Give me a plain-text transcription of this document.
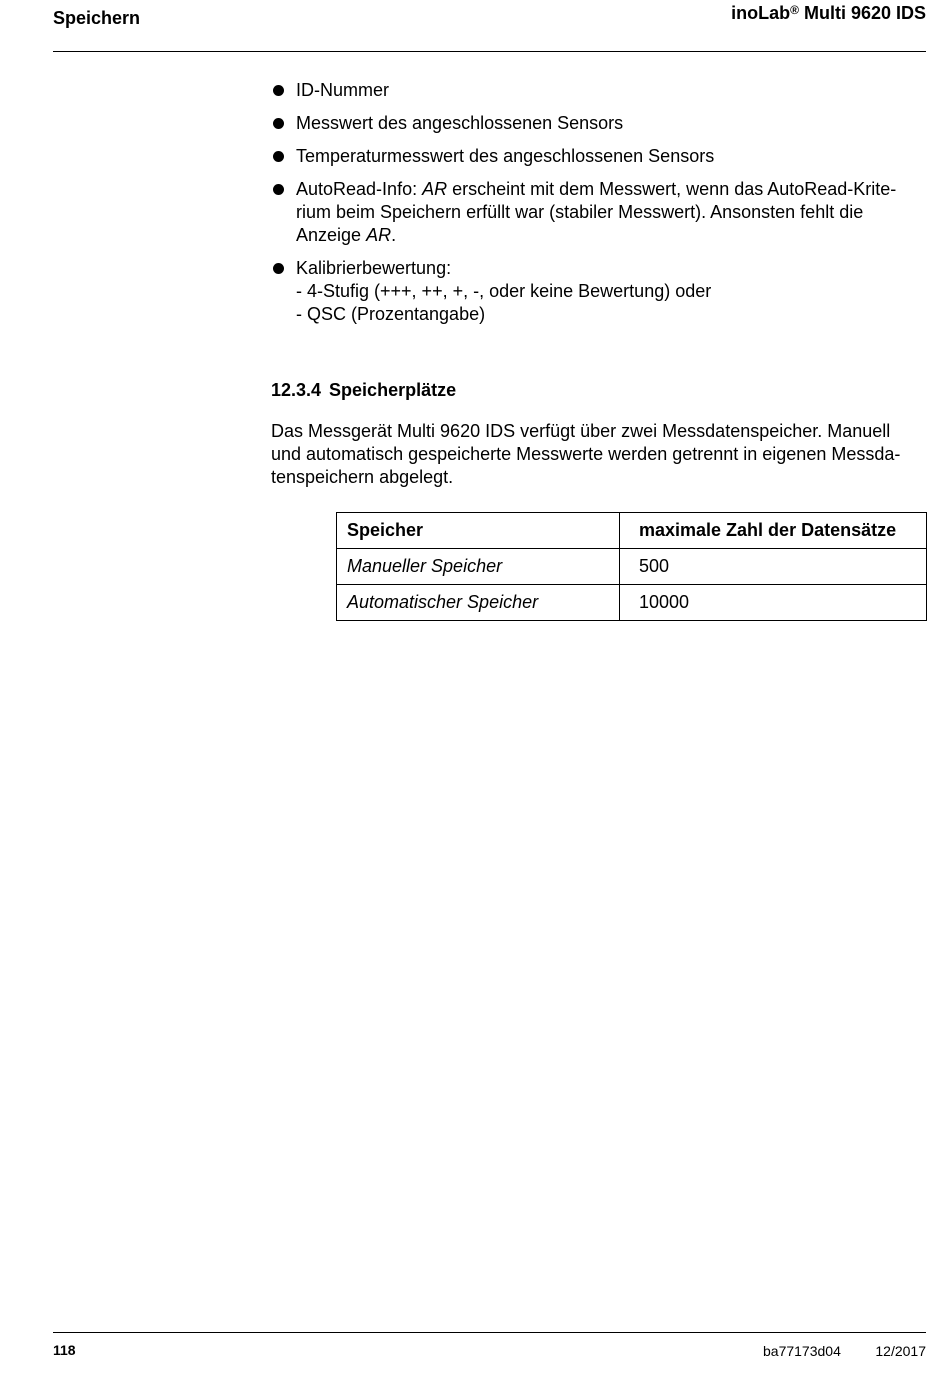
Speichern	inoLab® Multi 9620 IDS
ID-Nummer
Messwert des angeschlossenen Sensors
Temperaturmesswert des angeschlossenen Sensors
AutoRead-Info: AR erscheint mit dem Messwert, wenn das AutoRead-Krite-
rium beim Speichern erfüllt war (stabiler Messwert). Ansonsten fehlt die
Anzeige AR.
Kalibrierbewertung:
- 4-Stufig (+++, ++, +, -, oder keine Bewertung) oder
- QSC (Prozentangabe)
12.3.4 Speicherplätze

Das Messgerät Multi 9620 IDS verfügt über zwei Messdatenspeicher. Manuell
und automatisch gespeicherte Messwerte werden getrennt in eigenen Messda-
tenspeichern abgelegt.

Speicher	maximale Zahl der Datensätze
Manueller Speicher	500
Automatischer Speicher	10000
118	ba77173d04 12/2017
